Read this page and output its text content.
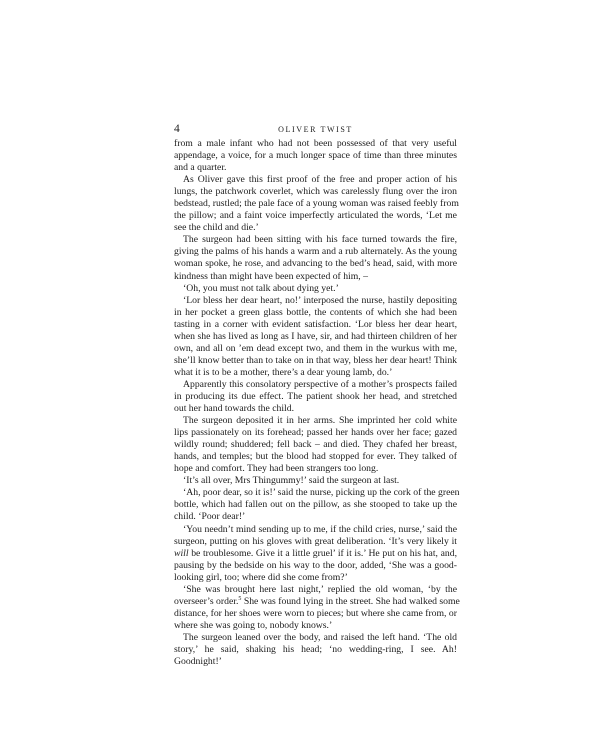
4	OLIVER TWIST
from a male infant who had not been possessed of that very useful
appendage, a voice, for a much longer space of time than three minutes
and a quarter.
As Oliver gave this first proof of the free and proper action of his
lungs, the patchwork coverlet, which was carelessly flung over the iron
bedstead, rustled; the pale face of a young woman was raised feebly from
the pillow; and a faint voice imperfectly articulated the words, ‘Let me
see the child and die.’
The surgeon had been sitting with his face turned towards the fire,
giving the palms of his hands a warm and a rub alternately. As the young
woman spoke, he rose, and advancing to the bed’s head, said, with more
kindness than might have been expected of him, –
‘Oh, you must not talk about dying yet.’
‘Lor bless her dear heart, no!’ interposed the nurse, hastily depositing
in her pocket a green glass bottle, the contents of which she had been
tasting in a corner with evident satisfaction. ‘Lor bless her dear heart,
when she has lived as long as I have, sir, and had thirteen children of her
own, and all on ’em dead except two, and them in the wurkus with me,
she’ll know better than to take on in that way, bless her dear heart! Think
what it is to be a mother, there’s a dear young lamb, do.’
Apparently this consolatory perspective of a mother’s prospects failed
in producing its due effect. The patient shook her head, and stretched
out her hand towards the child.
The surgeon deposited it in her arms. She imprinted her cold white
lips passionately on its forehead; passed her hands over her face; gazed
wildly round; shuddered; fell back – and died. They chafed her breast,
hands, and temples; but the blood had stopped for ever. They talked of
hope and comfort. They had been strangers too long.
‘It’s all over, Mrs Thingummy!’ said the surgeon at last.
‘Ah, poor dear, so it is!’ said the nurse, picking up the cork of the green
bottle, which had fallen out on the pillow, as she stooped to take up the
child. ‘Poor dear!’
‘You needn’t mind sending up to me, if the child cries, nurse,’ said the
surgeon, putting on his gloves with great deliberation. ‘It’s very likely it
will be troublesome. Give it a little gruel’ if it is.’ He put on his hat, and,
pausing by the bedside on his way to the door, added, ‘She was a good-
looking girl, too; where did she come from?’
‘She was brought here last night,’ replied the old woman, ‘by the
overseer’s order.$^5$ She was found lying in the street. She had walked some
distance, for her shoes were worn to pieces; but where she came from, or
where she was going to, nobody knows.’
The surgeon leaned over the body, and raised the left hand. ‘The old
story,’ he said, shaking his head; ‘no wedding-ring, I see. Ah!
Goodnight!’
